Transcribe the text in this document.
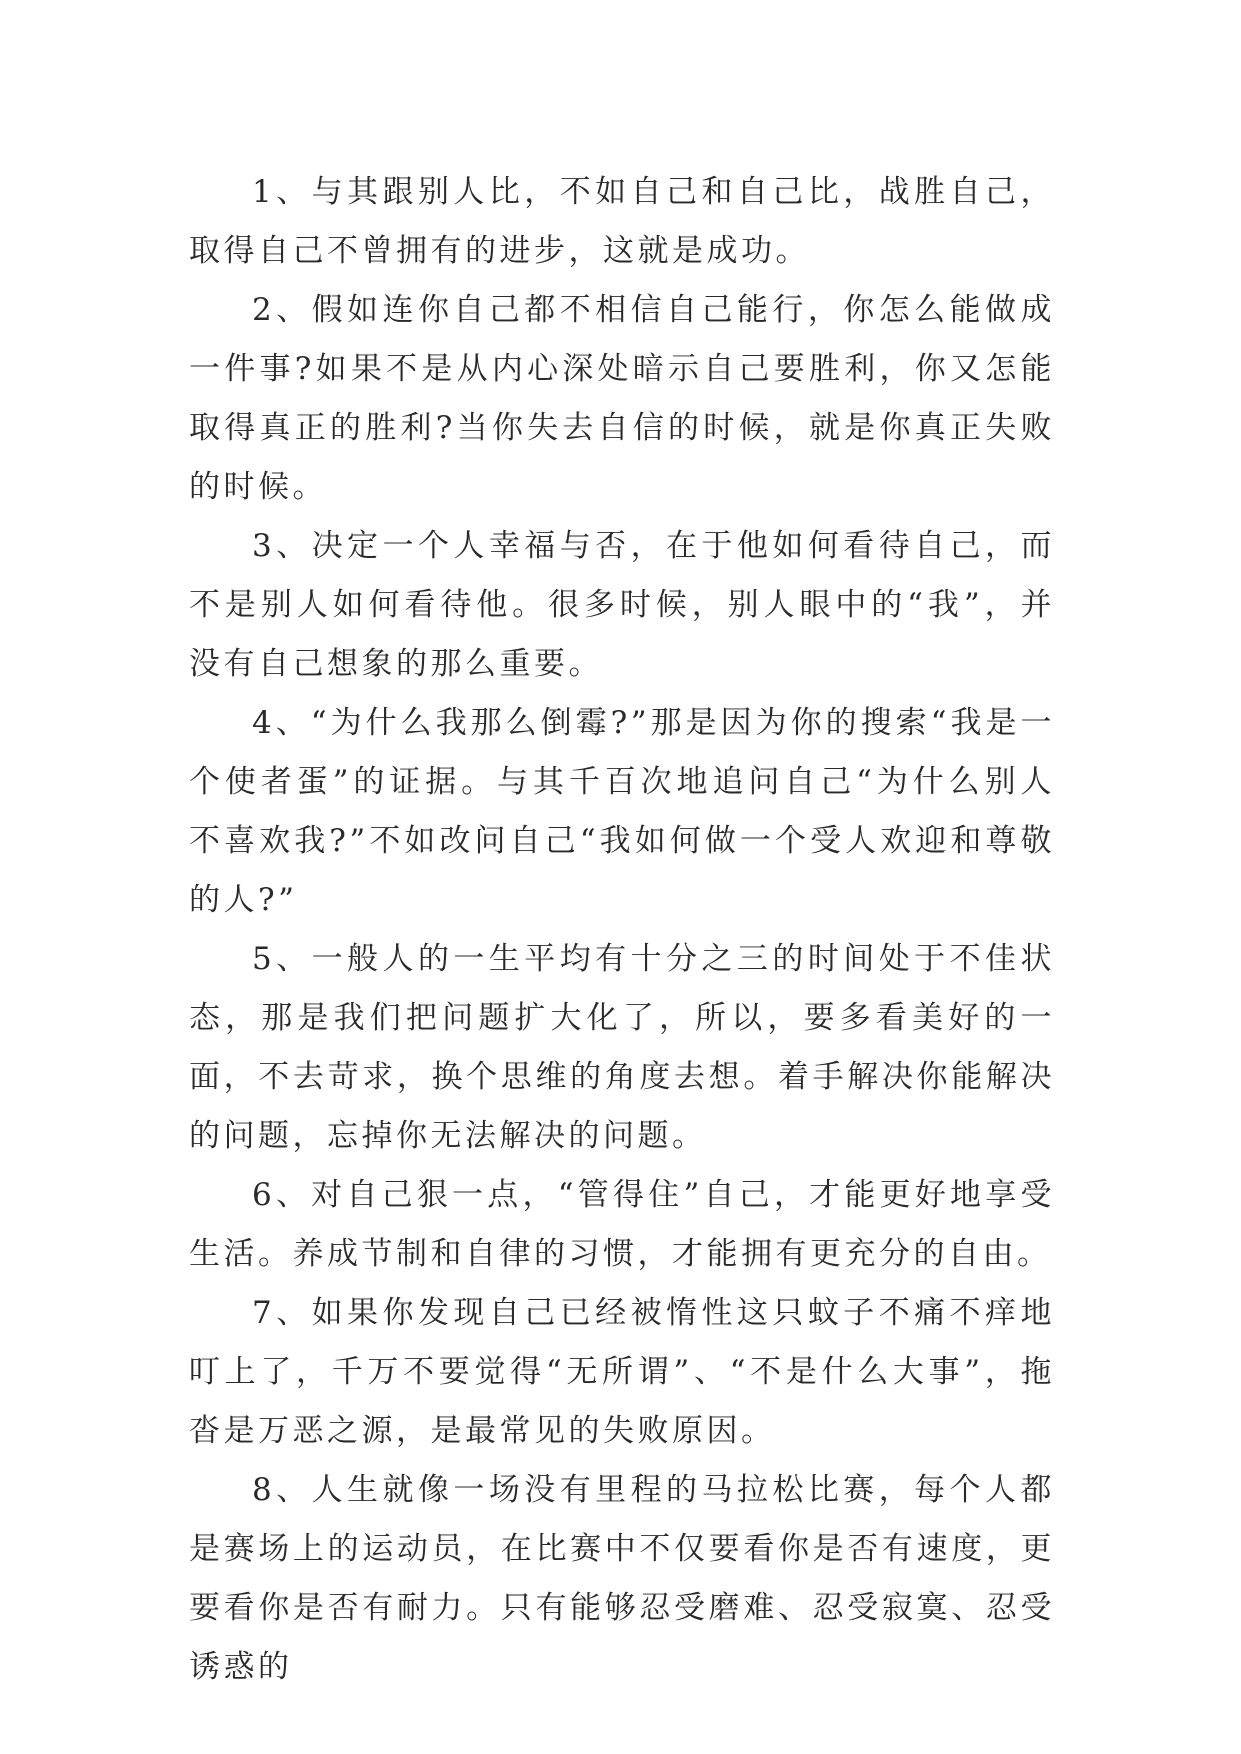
1、与其跟别人比，不如自己和自己比，战胜自己，取得自己不曾拥有的进步，这就是成功。

2、假如连你自己都不相信自己能行，你怎么能做成一件事?如果不是从内心深处暗示自己要胜利，你又怎能取得真正的胜利?当你失去自信的时候，就是你真正失败的时候。

3、决定一个人幸福与否，在于他如何看待自己，而不是别人如何看待他。很多时候，别人眼中的“我”，并没有自己想象的那么重要。

4、“为什么我那么倒霉?”那是因为你的搜索“我是一个使者蛋”的证据。与其千百次地追问自己“为什么别人不喜欢我?”不如改问自己“我如何做一个受人欢迎和尊敬的人?”

5、一般人的一生平均有十分之三的时间处于不佳状态，那是我们把问题扩大化了，所以，要多看美好的一面，不去苛求，换个思维的角度去想。着手解决你能解决的问题，忘掉你无法解决的问题。

6、对自己狠一点，“管得住”自己，才能更好地享受生活。养成节制和自律的习惯，才能拥有更充分的自由。

7、如果你发现自己已经被惰性这只蚊子不痛不痒地叮上了，千万不要觉得“无所谓”、“不是什么大事”，拖沓是万恶之源，是最常见的失败原因。

8、人生就像一场没有里程的马拉松比赛，每个人都是赛场上的运动员，在比赛中不仅要看你是否有速度，更要看你是否有耐力。只有能够忍受磨难、忍受寂寞、忍受诱惑的
